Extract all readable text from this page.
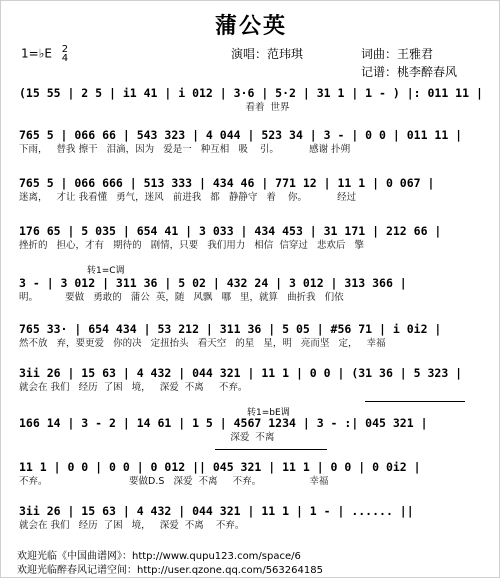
蒲公英
1=♭E 2
4	演唱：范玮琪	词曲：王雅君
记谱：桃李醉春风
(15 55 | 2 5 | i1 41 | i 012 | 3·6 | 5·2 | 31 1 | 1 - ) |: 011 11 |
看着  世界
765 5 | 066 66 | 543 323 | 4 044 | 523 34 | 3 - | 0 0 | 011 11 |
下雨，   替我 擦干   泪滴，因为   爱是一   种互相   吸    引。          感谢 扑朔
765 5 | 066 666 | 513 333 | 434 46 | 771 12 | 11 1 | 0 067 |
迷离，   才让 我看懂   勇气，迷风   前进我   都   静静守   着    你。          经过
176 65 | 5 035 | 654 41 | 3 033 | 434 453 | 31 171 | 212 66 |
挫折的   担心，才有   期待的   剧情，只要   我们用力   相信  信穿过   悲欢后   擎
转1=C调
3 - | 3 012 | 311 36 | 5 02 | 432 24 | 3 012 | 313 366 |
明。         要做   勇敢的   蒲公  英，随   风飘   哪   里，就算   曲折我   们依
765 33· | 654 434 | 53 212 | 311 36 | 5 05 | #56 71 | i 0i2 |
然不放   弃，要更爱   你的决   定扭抬头   看天空   的星   星，明   亮而坚   定，   幸福
3ii 26 | 15 63 | 4 432 | 044 321 | 11 1 | 0 0 | (31 36 | 5 323 |
就会在 我们   经历  了困   境，   深爱  不离     不弃。
转1=bE调
166 14 | 3 - 2 | 14 61 | 1 5 | 4567 1234 | 3 - :| 045 321 |
深爱  不离
11 1 | 0 0 | 0 0 | 0 012 || 045 321 | 11 1 | 0 0 | 0 0i2 |
不弃。                           要做D.S   深爱  不离     不弃。                幸福
3ii 26 | 15 63 | 4 432 | 044 321 | 11 1 | 1 - | ...... ||
就会在 我们   经历  了困   境，   深爱  不离    不弃。
欢迎光临《中国曲谱网》：http://www.qupu123.com/space/6
欢迎光临醉春风记谱空间：http://user.qzone.qq.com/563264185
